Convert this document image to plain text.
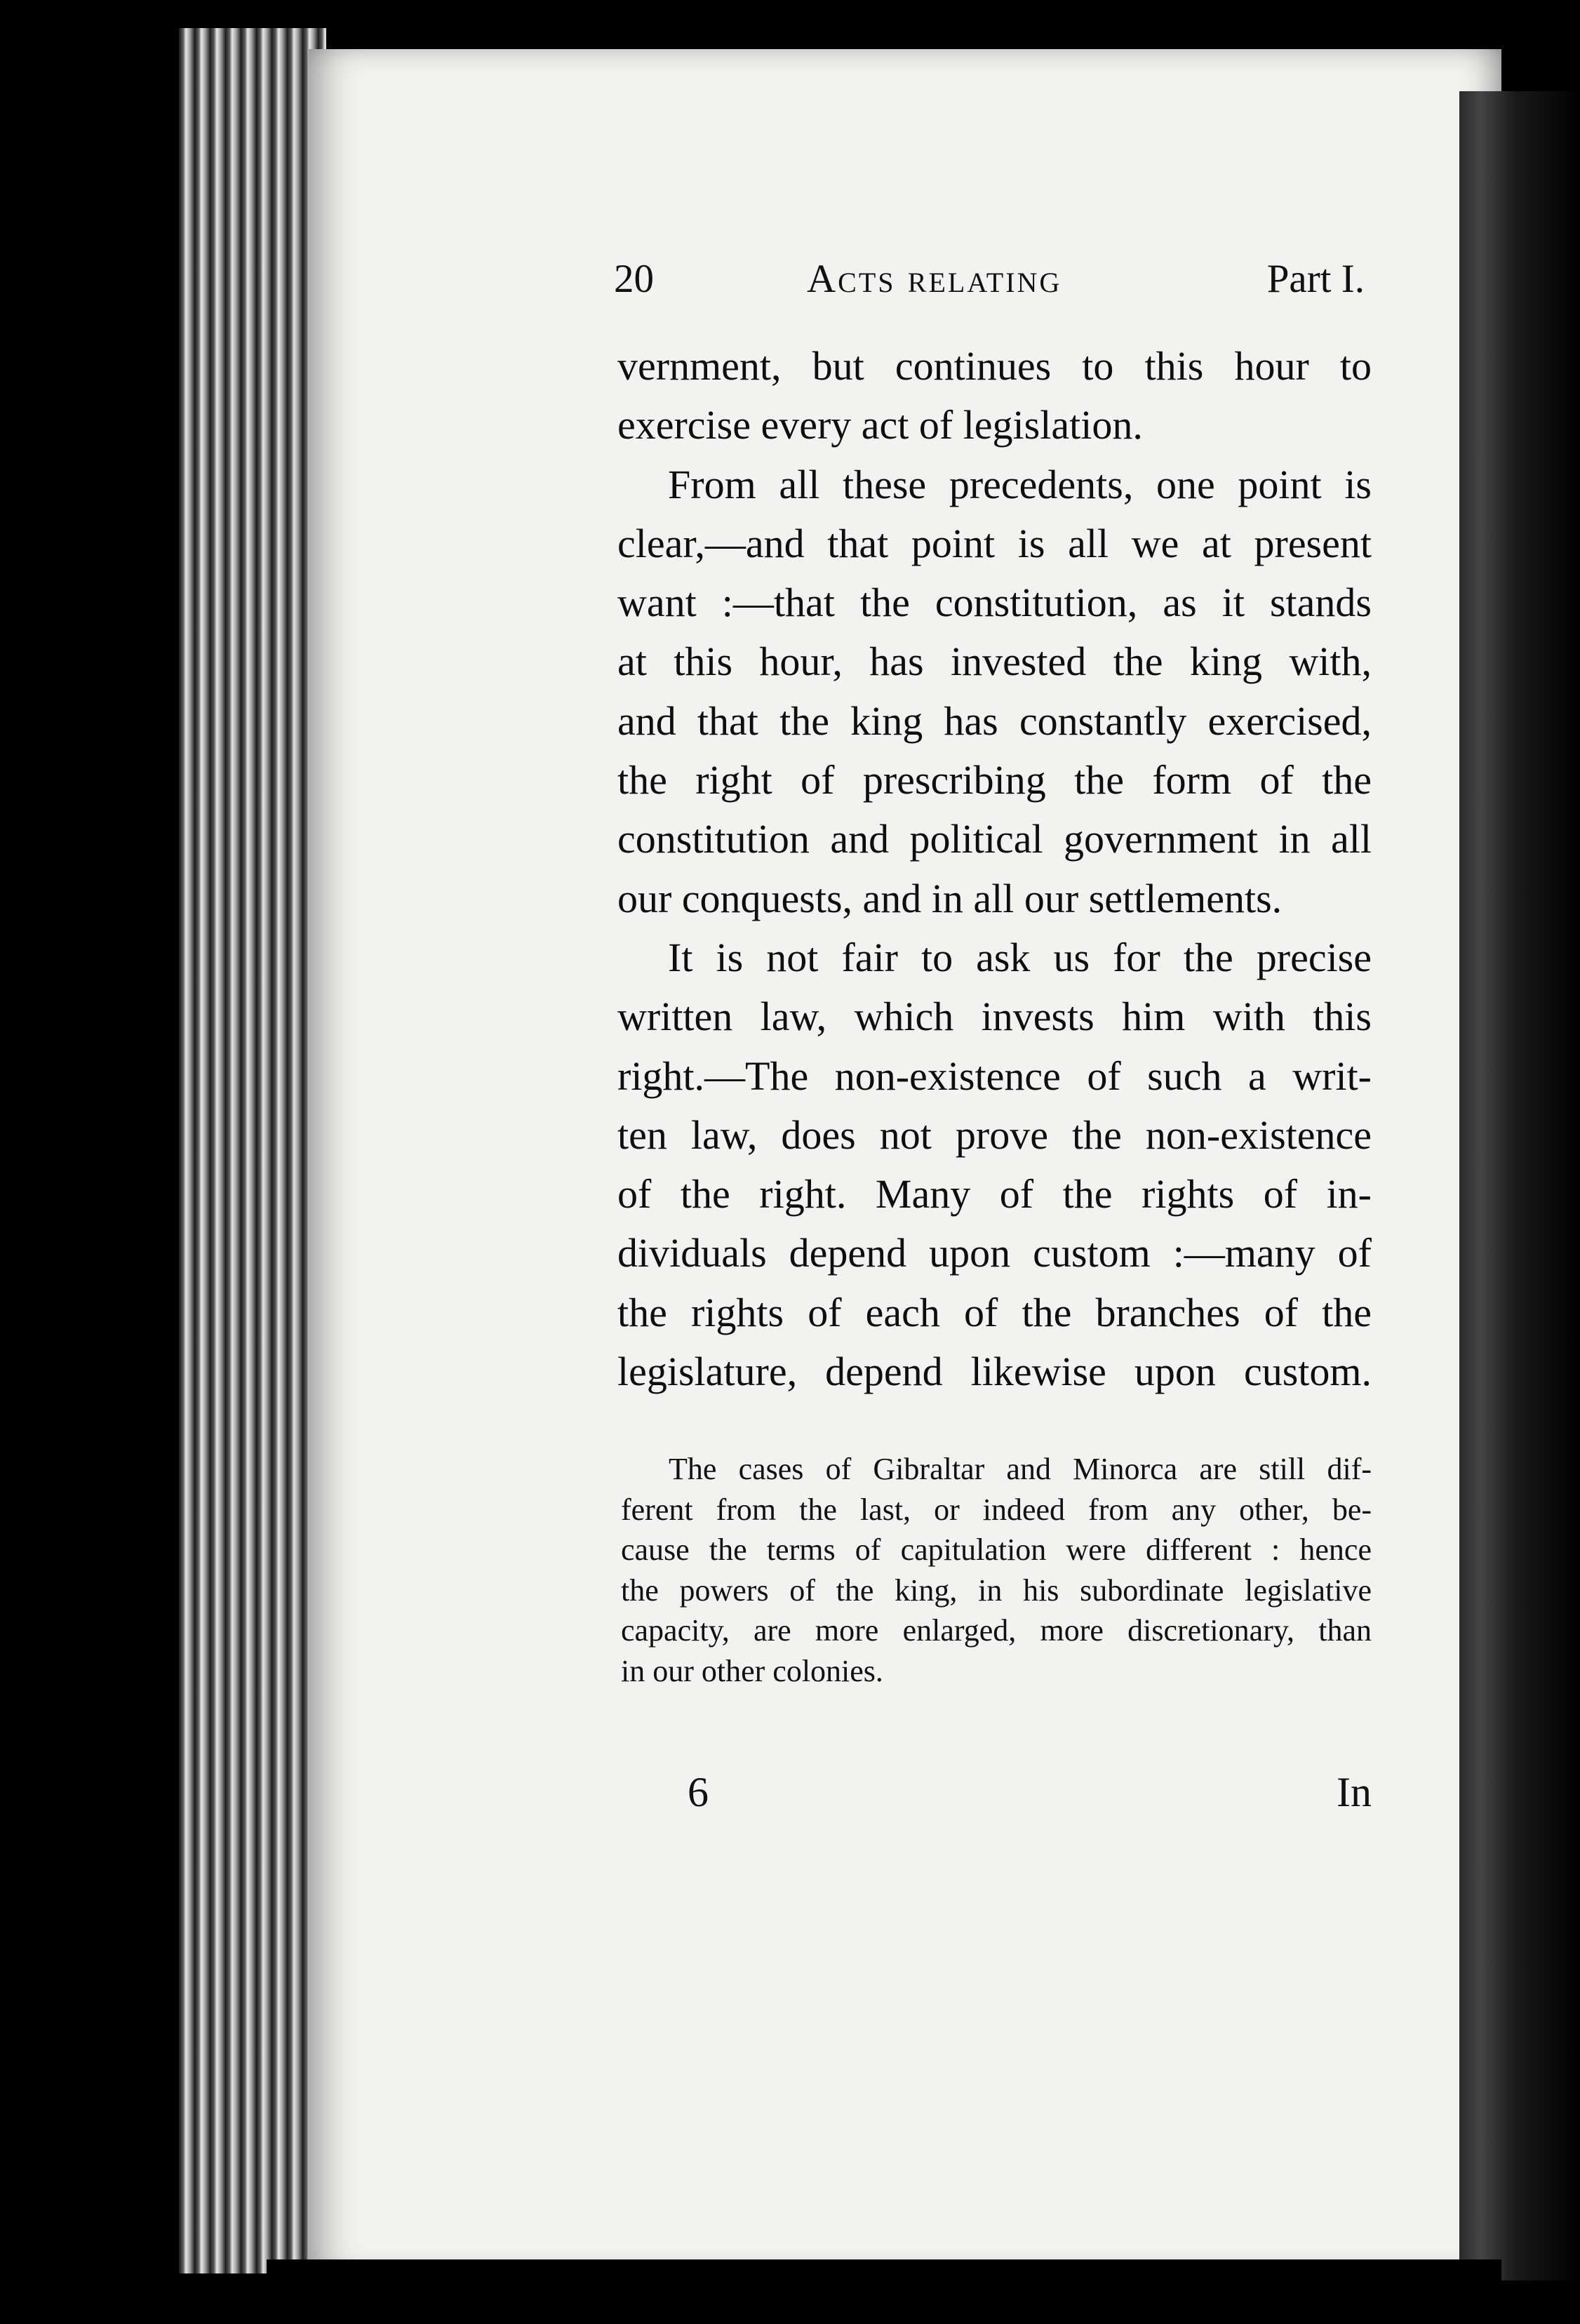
20	Acts relating	Part I.
vernment, but continues to this hour to
exercise every act of legislation.
From all these precedents, one point is
clear,—and that point is all we at present
want :—that the constitution, as it stands
at this hour, has invested the king with,
and that the king has constantly exercised,
the right of prescribing the form of the
constitution and political government in all
our conquests, and in all our settlements.
It is not fair to ask us for the precise
written law, which invests him with this
right.—The non-existence of such a writ-
ten law, does not prove the non-existence
of the right. Many of the rights of in-
dividuals depend upon custom :—many of
the rights of each of the branches of the
legislature, depend likewise upon custom.
The cases of Gibraltar and Minorca are still dif-
ferent from the last, or indeed from any other, be-
cause the terms of capitulation were different : hence
the powers of the king, in his subordinate legislative
capacity, are more enlarged, more discretionary, than
in our other colonies.
6	In
